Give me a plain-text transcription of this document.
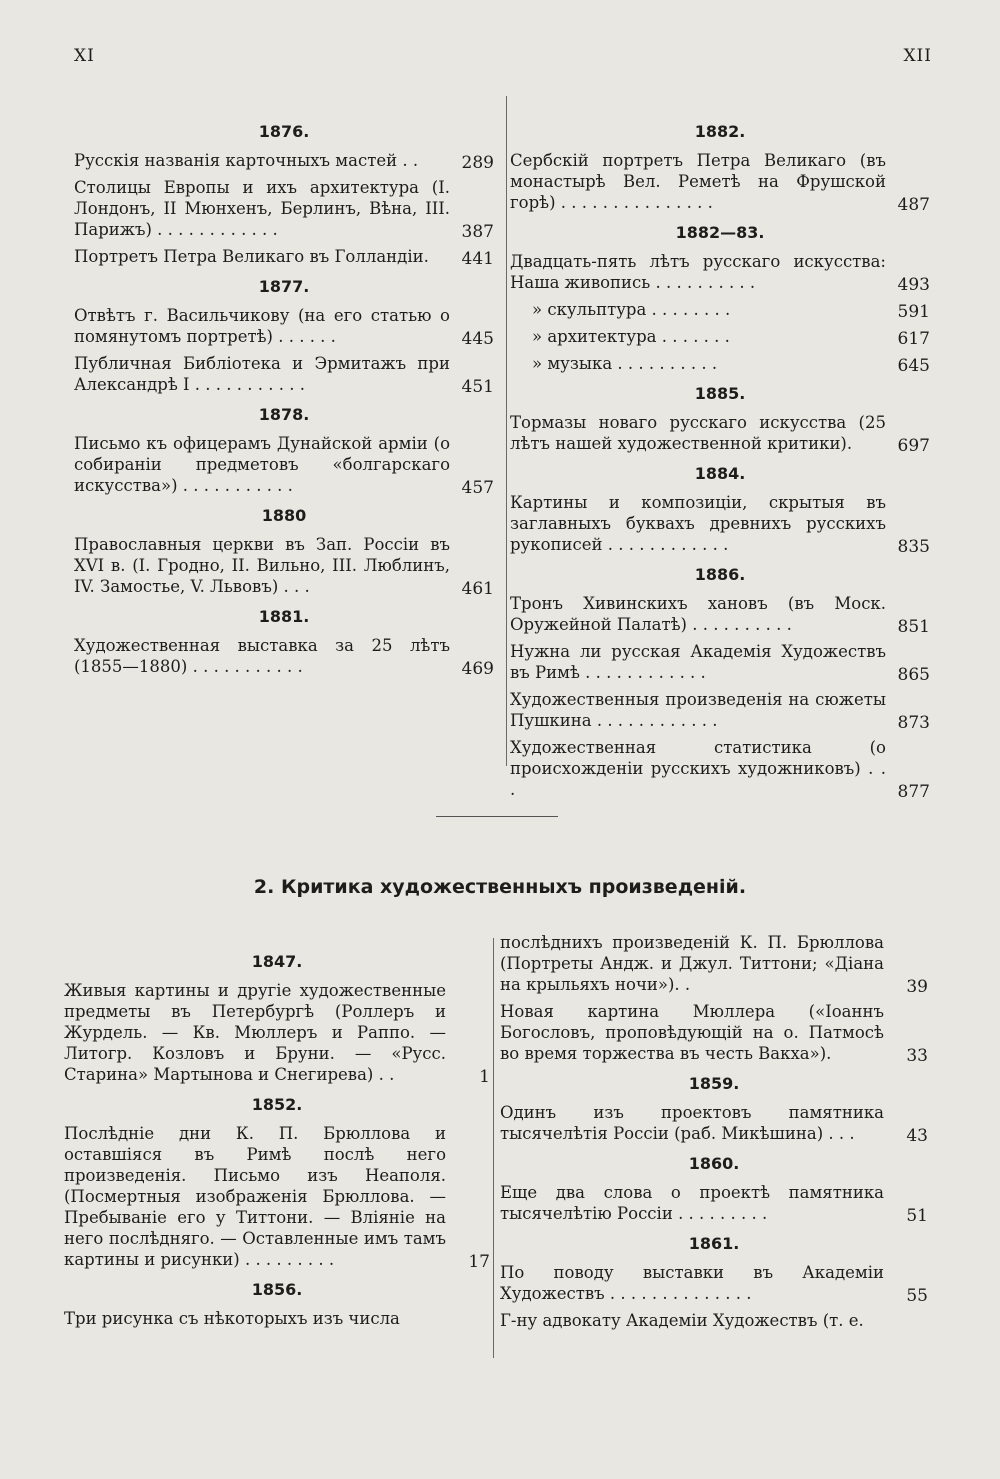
XI	XII
2. Критика художественныхъ произведеній.
1876.
Русскія названія карточныхъ мастей . .	289
Столицы Европы и ихъ архитектура (I. Лондонъ, II Мюнхенъ, Берлинъ, Вѣна, III. Парижъ) . . . . . . . . . . . .	387
Портретъ Петра Великаго въ Голландіи.	441
1877.
Отвѣтъ г. Васильчикову (на его статью о помянутомъ портретѣ) . . . . . .	445
Публичная Библіотека и Эрмитажъ при Александрѣ I . . . . . . . . . . .	451
1878.
Письмо къ офицерамъ Дунайской арміи (о собираніи предметовъ «болгарскаго искусства») . . . . . . . . . . .	457
1880
Православныя церкви въ Зап. Россіи въ XVI в. (I. Гродно, II. Вильно, III. Люблинъ, IV. Замостье, V. Львовъ) . . .	461
1881.
Художественная выставка за 25 лѣтъ (1855—1880) . . . . . . . . . . .	469
1882.
Сербскій портретъ Петра Великаго (въ монастырѣ Вел. Реметѣ на Фрушской горѣ) . . . . . . . . . . . . . . .	487
1882—83.
Двадцать-пять лѣтъ русскаго искусства: Наша живопись . . . . . . . . . .	493
» скульптура . . . . . . . .	591
» архитектура . . . . . . .	617
» музыка . . . . . . . . . .	645
1885.
Тормазы новаго русскаго искусства (25 лѣтъ нашей художественной критики).	697
1884.
Картины и композиціи, скрытыя въ заглавныхъ буквахъ древнихъ русскихъ рукописей . . . . . . . . . . . .	835
1886.
Тронъ Хивинскихъ хановъ (въ Моск. Оружейной Палатѣ) . . . . . . . . . .	851
Нужна ли русская Академія Художествъ въ Римѣ . . . . . . . . . . . .	865
Художественныя произведенія на сюжеты Пушкина . . . . . . . . . . . .	873
Художественная статистика (о происхожденіи русскихъ художниковъ) . . .	877
1847.
Живыя картины и другіе художественные предметы въ Петербургѣ (Роллеръ и Журдель. — Кв. Мюллеръ и Раппо. — Литогр. Козловъ и Бруни. — «Русс. Старина» Мартынова и Снегирева) . .	1
1852.
Послѣдніе дни К. П. Брюллова и оставшіяся въ Римѣ послѣ него произведенія. Письмо изъ Неаполя. (Посмертныя изображенія Брюллова. — Пребываніе его у Титтони. — Вліяніе на него послѣдняго. — Оставленные имъ тамъ картины и рисунки) . . . . . . . . .	17
1856.
Три рисунка съ нѣкоторыхъ изъ числа
послѣднихъ произведеній К. П. Брюллова (Портреты Андж. и Джул. Титтони; «Діана на крыльяхъ ночи»). .	39
Новая картина Мюллера («Іоаннъ Богословъ, проповѣдующій на о. Патмосѣ во время торжества въ честь Вакха»).	33
1859.
Одинъ изъ проектовъ памятника тысячелѣтія Россіи (раб. Микѣшина) . . .	43
1860.
Еще два слова о проектѣ памятника тысячелѣтію Россіи . . . . . . . . .	51
1861.
По поводу выставки въ Академіи Художествъ . . . . . . . . . . . . . .	55
Г-ну адвокату Академіи Художествъ (т. е.
